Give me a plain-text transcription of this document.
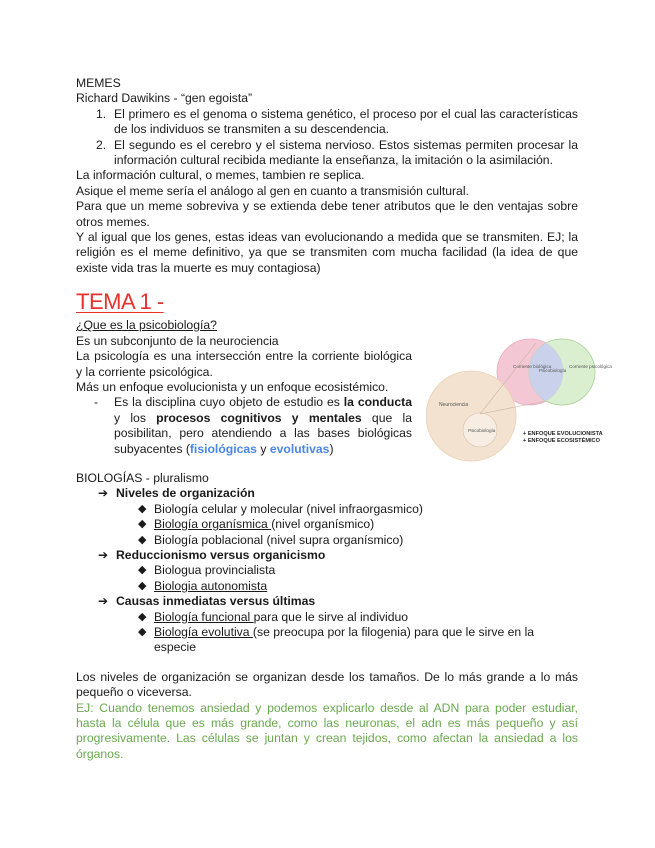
MEMES

Richard Dawikins - “gen egoista”

1. El primero es el genoma o sistema genético, el proceso por el cual las características de los individuos se transmiten a su descendencia.
2. El segundo es el cerebro y el sistema nervioso. Estos sistemas permiten procesar la información cultural recibida mediante la enseñanza, la imitación o la asimilación.

La información cultural, o memes, tambien re seplica.

Asique el meme sería el análogo al gen en cuanto a transmisión cultural.

Para que un meme sobreviva y se extienda debe tener atributos que le den ventajas sobre otros memes.

Y al igual que los genes, estas ideas van evolucionando a medida que se transmiten. EJ; la religión es el meme definitivo, ya que se transmiten com mucha facilidad (la idea de que existe vida tras la muerte es muy contagiosa)

TEMA 1 -

¿Que es la psicobiología?

Es un subconjunto de la neurociencia

La psicología es una intersección entre la corriente biológica y la corriente psicológica.

Más un enfoque evolucionista y un enfoque ecosistémico.

- Es la disciplina cuyo objeto de estudio es la conducta y los procesos cognitivos y mentales que la posibilitan, pero atendiendo a las bases biológicas subyacentes (fisiológicas y evolutivas)

BIOLOGÍAS - pluralismo

➔ Niveles de organización
◆ Biología celular y molecular (nivel infraorgasmico)
◆ Biología organísmica (nivel organísmico)
◆ Biología poblacional (nivel supra organísmico)
➔ Reduccionismo versus organicismo
◆ Biologua provincialista
◆ Biologia autonomista
➔ Causas inmediatas versus últimas
◆ Biología funcional para que le sirve al individuo
◆ Biología evolutiva (se preocupa por la filogenia) para que le sirve en la especie

Los niveles de organización se organizan desde los tamaños. De lo más grande a lo más pequeño o viceversa.

EJ: Cuando tenemos ansiedad y podemos explicarlo desde al ADN para poder estudiar, hasta la célula que es más grande, como las neuronas, el adn es más pequeño y así progresivamente. Las células se juntan y crean tejidos, como afectan la ansiedad a los órganos.

Corriente biológica
Psicobiología
Corriente psicológica
Neurociencia
Psicobiología
+ ENFOQUE EVOLUCIONISTA
+ ENFOQUE ECOSISTÉMICO
